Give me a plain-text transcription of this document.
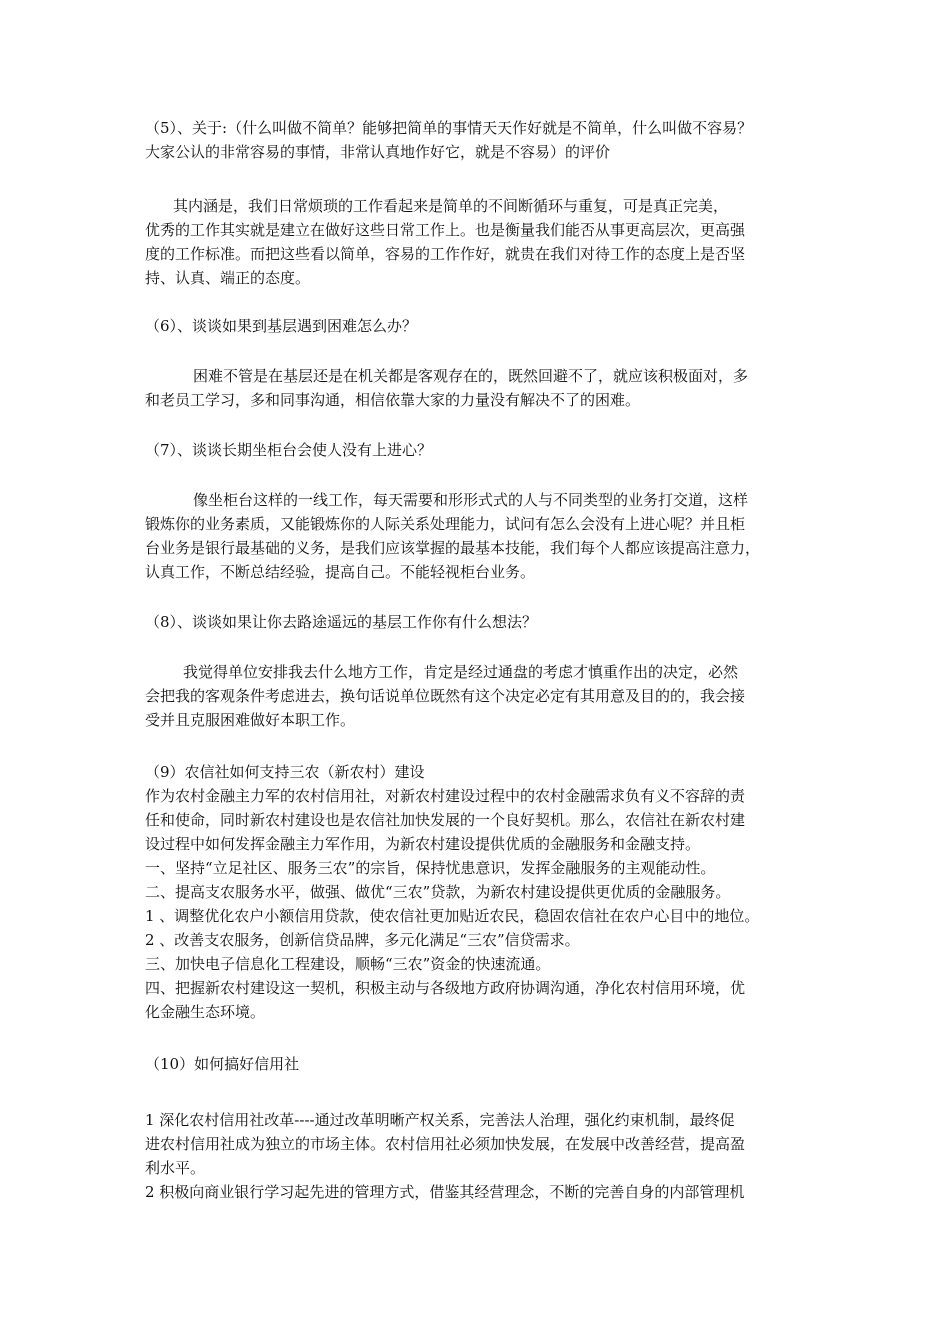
（5）、关于:（什么叫做不简单？能够把简单的事情天天作好就是不简单，什么叫做不容易？
大家公认的非常容易的事情，非常认真地作好它，就是不容易）的评价
其内涵是，我们日常烦琐的工作看起来是简单的不间断循环与重复，可是真正完美，
优秀的工作其实就是建立在做好这些日常工作上。也是衡量我们能否从事更高层次，更高强
度的工作标准。而把这些看以简单，容易的工作作好，就贵在我们对待工作的态度上是否坚
持、认真、端正的态度。
（6）、谈谈如果到基层遇到困难怎么办？
困难不管是在基层还是在机关都是客观存在的，既然回避不了，就应该积极面对，多
和老员工学习，多和同事沟通，相信依靠大家的力量没有解决不了的困难。
（7）、谈谈长期坐柜台会使人没有上进心？
像坐柜台这样的一线工作，每天需要和形形式式的人与不同类型的业务打交道，这样
锻炼你的业务素质，又能锻炼你的人际关系处理能力，试问有怎么会没有上进心呢？并且柜
台业务是银行最基础的义务，是我们应该掌握的最基本技能，我们每个人都应该提高注意力，
认真工作，不断总结经验，提高自己。不能轻视柜台业务。
（8）、谈谈如果让你去路途遥远的基层工作你有什么想法？
我觉得单位安排我去什么地方工作，肯定是经过通盘的考虑才慎重作出的决定，必然
会把我的客观条件考虑进去，换句话说单位既然有这个决定必定有其用意及目的的，我会接
受并且克服困难做好本职工作。
（9）农信社如何支持三农（新农村）建设
作为农村金融主力军的农村信用社，对新农村建设过程中的农村金融需求负有义不容辞的责
任和使命，同时新农村建设也是农信社加快发展的一个良好契机。那么，农信社在新农村建
设过程中如何发挥金融主力军作用，为新农村建设提供优质的金融服务和金融支持。
一、坚持“立足社区、服务三农”的宗旨，保持忧患意识，发挥金融服务的主观能动性。
二、提高支农服务水平，做强、做优“三农”贷款，为新农村建设提供更优质的金融服务。
1 、调整优化农户小额信用贷款，使农信社更加贴近农民，稳固农信社在农户心目中的地位。
2 、改善支农服务，创新信贷品牌，多元化满足“三农”信贷需求。
三、加快电子信息化工程建设，顺畅“三农”资金的快速流通。
四、把握新农村建设这一契机，积极主动与各级地方政府协调沟通，净化农村信用环境，优
化金融生态环境。
（10）如何搞好信用社
1 深化农村信用社改革----通过改革明晰产权关系，完善法人治理，强化约束机制，最终促
进农村信用社成为独立的市场主体。农村信用社必须加快发展，在发展中改善经营，提高盈
利水平。
2 积极向商业银行学习起先进的管理方式，借鉴其经营理念，不断的完善自身的内部管理机
